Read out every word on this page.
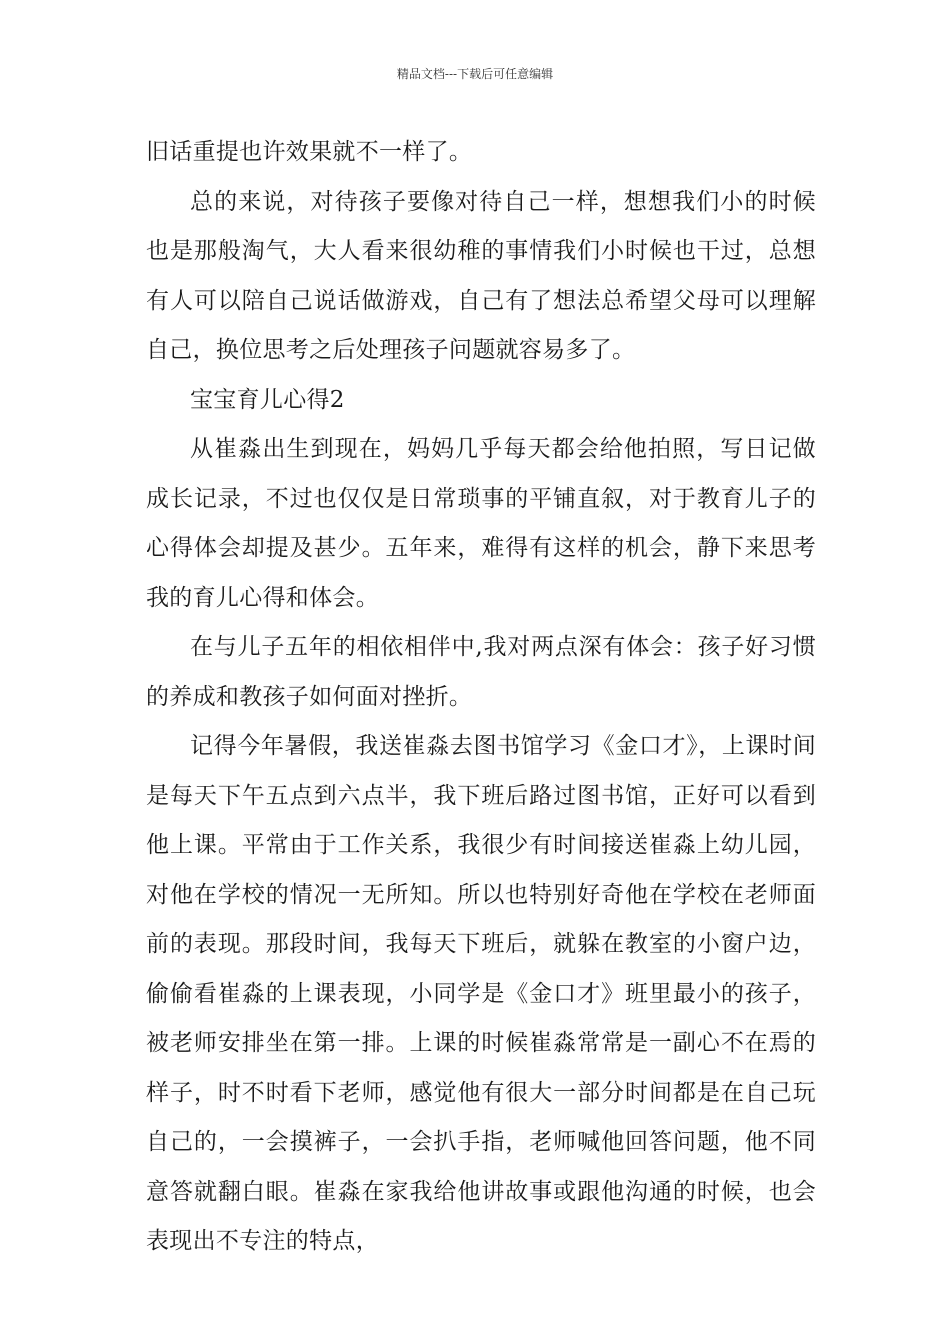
精品文档---下载后可任意编辑

旧话重提也许效果就不一样了。

总的来说，对待孩子要像对待自己一样，想想我们小的时候也是那般淘气，大人看来很幼稚的事情我们小时候也干过，总想有人可以陪自己说话做游戏，自己有了想法总希望父母可以理解自己，换位思考之后处理孩子问题就容易多了。

宝宝育儿心得2

从崔淼出生到现在，妈妈几乎每天都会给他拍照，写日记做成长记录，不过也仅仅是日常琐事的平铺直叙，对于教育儿子的心得体会却提及甚少。五年来，难得有这样的机会，静下来思考我的育儿心得和体会。

在与儿子五年的相依相伴中,我对两点深有体会：孩子好习惯的养成和教孩子如何面对挫折。

记得今年暑假，我送崔淼去图书馆学习《金口才》，上课时间是每天下午五点到六点半，我下班后路过图书馆，正好可以看到他上课。平常由于工作关系，我很少有时间接送崔淼上幼儿园，对他在学校的情况一无所知。所以也特别好奇他在学校在老师面前的表现。那段时间，我每天下班后，就躲在教室的小窗户边，偷偷看崔淼的上课表现，小同学是《金口才》班里最小的孩子，被老师安排坐在第一排。上课的时候崔淼常常是一副心不在焉的样子，时不时看下老师，感觉他有很大一部分时间都是在自己玩自己的，一会摸裤子，一会扒手指，老师喊他回答问题，他不同意答就翻白眼。崔淼在家我给他讲故事或跟他沟通的时候，也会表现出不专注的特点，
